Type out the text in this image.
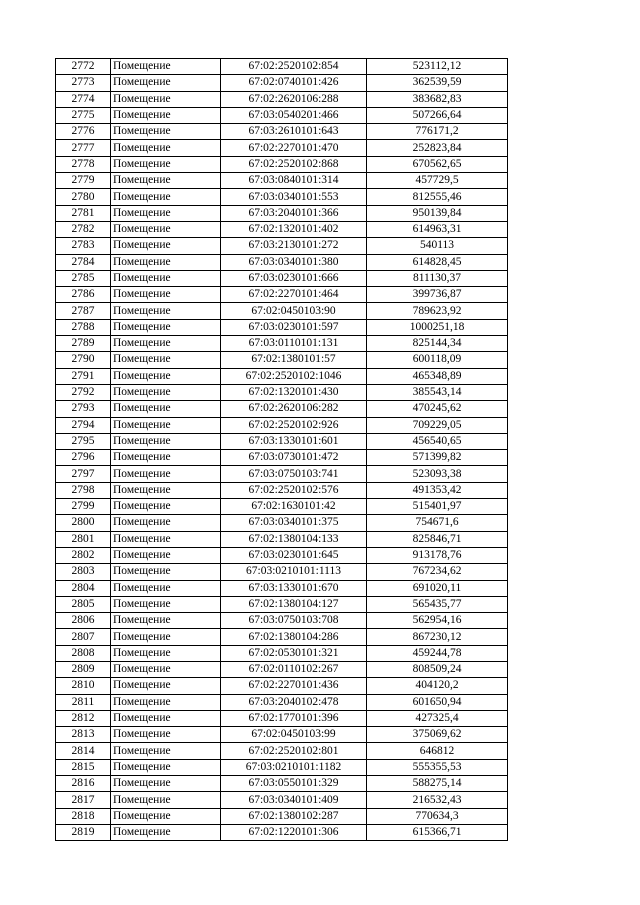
2772	Помещение	67:02:2520102:854	523112,12
2773	Помещение	67:02:0740101:426	362539,59
2774	Помещение	67:02:2620106:288	383682,83
2775	Помещение	67:03:0540201:466	507266,64
2776	Помещение	67:03:2610101:643	776171,2
2777	Помещение	67:02:2270101:470	252823,84
2778	Помещение	67:02:2520102:868	670562,65
2779	Помещение	67:03:0840101:314	457729,5
2780	Помещение	67:03:0340101:553	812555,46
2781	Помещение	67:03:2040101:366	950139,84
2782	Помещение	67:02:1320101:402	614963,31
2783	Помещение	67:03:2130101:272	540113
2784	Помещение	67:03:0340101:380	614828,45
2785	Помещение	67:03:0230101:666	811130,37
2786	Помещение	67:02:2270101:464	399736,87
2787	Помещение	67:02:0450103:90	789623,92
2788	Помещение	67:03:0230101:597	1000251,18
2789	Помещение	67:03:0110101:131	825144,34
2790	Помещение	67:02:1380101:57	600118,09
2791	Помещение	67:02:2520102:1046	465348,89
2792	Помещение	67:02:1320101:430	385543,14
2793	Помещение	67:02:2620106:282	470245,62
2794	Помещение	67:02:2520102:926	709229,05
2795	Помещение	67:03:1330101:601	456540,65
2796	Помещение	67:03:0730101:472	571399,82
2797	Помещение	67:03:0750103:741	523093,38
2798	Помещение	67:02:2520102:576	491353,42
2799	Помещение	67:02:1630101:42	515401,97
2800	Помещение	67:03:0340101:375	754671,6
2801	Помещение	67:02:1380104:133	825846,71
2802	Помещение	67:03:0230101:645	913178,76
2803	Помещение	67:03:0210101:1113	767234,62
2804	Помещение	67:03:1330101:670	691020,11
2805	Помещение	67:02:1380104:127	565435,77
2806	Помещение	67:03:0750103:708	562954,16
2807	Помещение	67:02:1380104:286	867230,12
2808	Помещение	67:02:0530101:321	459244,78
2809	Помещение	67:02:0110102:267	808509,24
2810	Помещение	67:02:2270101:436	404120,2
2811	Помещение	67:03:2040102:478	601650,94
2812	Помещение	67:02:1770101:396	427325,4
2813	Помещение	67:02:0450103:99	375069,62
2814	Помещение	67:02:2520102:801	646812
2815	Помещение	67:03:0210101:1182	555355,53
2816	Помещение	67:03:0550101:329	588275,14
2817	Помещение	67:03:0340101:409	216532,43
2818	Помещение	67:02:1380102:287	770634,3
2819	Помещение	67:02:1220101:306	615366,71
